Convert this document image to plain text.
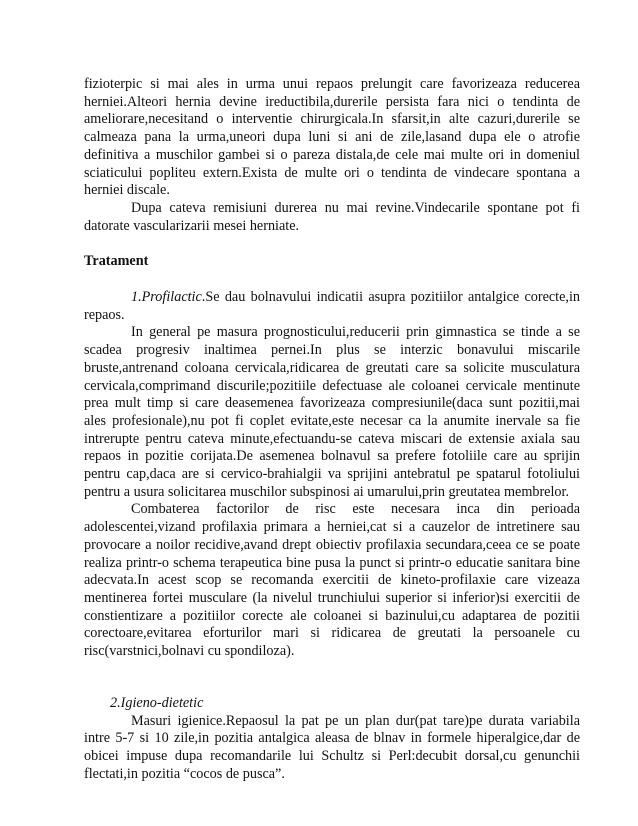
fizioterpic si mai ales in urma unui repaos prelungit care favorizeaza reducerea herniei.Alteori hernia devine ireductibila,durerile persista fara nici o tendinta de ameliorare,necesitand o interventie chirurgicala.In sfarsit,in alte cazuri,durerile se calmeaza pana la urma,uneori dupa luni si ani de zile,lasand dupa ele o atrofie definitiva a muschilor gambei si o pareza distala,de cele mai multe ori in domeniul sciaticului popliteu extern.Exista de multe ori o tendinta de vindecare spontana a herniei discale.

Dupa cateva remisiuni durerea nu mai revine.Vindecarile spontane pot fi datorate vascularizarii mesei herniate.

Tratament

1.Profilactic.Se dau bolnavului indicatii asupra pozitiilor antalgice corecte,in repaos.

In general pe masura prognosticului,reducerii prin gimnastica se tinde a se scadea progresiv inaltimea pernei.In plus se interzic bonavului miscarile bruste,antrenand coloana cervicala,ridicarea de greutati care sa solicite musculatura cervicala,comprimand discurile;pozitiile defectuase ale coloanei cervicale mentinute prea mult timp si care deasemenea favorizeaza compresiunile(daca sunt pozitii,mai ales profesionale),nu pot fi coplet evitate,este necesar ca la anumite inervale sa fie intrerupte pentru cateva minute,efectuandu-se cateva miscari de extensie axiala sau repaos in pozitie corijata.De asemenea bolnavul sa prefere fotoliile care au sprijin pentru cap,daca are si cervico-brahialgii va sprijini antebratul pe spatarul fotoliului pentru a usura solicitarea muschilor subspinosi ai umarului,prin greutatea membrelor.

Combaterea factorilor de risc este necesara inca din perioada adolescentei,vizand profilaxia primara a herniei,cat si a cauzelor de intretinere sau provocare a noilor recidive,avand drept obiectiv profilaxia secundara,ceea ce se poate realiza printr-o schema terapeutica bine pusa la punct si printr-o educatie sanitara bine adecvata.In acest scop se recomanda exercitii de kineto-profilaxie care vizeaza mentinerea fortei musculare (la nivelul trunchiului superior si inferior)si exercitii de constientizare a pozitiilor corecte ale coloanei si bazinului,cu adaptarea de pozitii corectoare,evitarea eforturilor mari si ridicarea de greutati la persoanele cu risc(varstnici,bolnavi cu spondiloza).

2.Igieno-dietetic

Masuri igienice.Repaosul la pat pe un plan dur(pat tare)pe durata variabila intre 5-7 si 10 zile,in pozitia antalgica aleasa de blnav in formele hiperalgice,dar de obicei impuse dupa recomandarile lui Schultz si Perl:decubit dorsal,cu genunchii flectati,in pozitia “cocos de pusca”.
